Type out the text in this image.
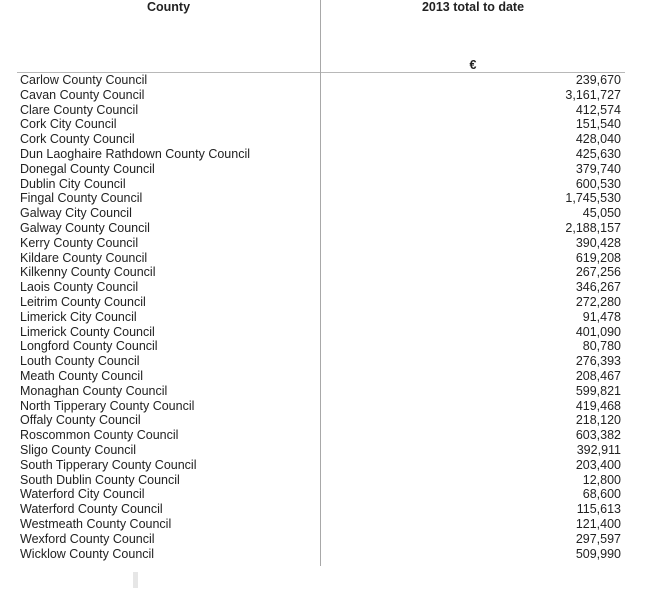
County	2013 total to date
€
Carlow County Council	239,670
Cavan County Council	3,161,727
Clare County Council	412,574
Cork City Council	151,540
Cork County Council	428,040
Dun Laoghaire Rathdown County Council	425,630
Donegal County Council	379,740
Dublin City Council	600,530
Fingal County Council	1,745,530
Galway City Council	45,050
Galway County Council	2,188,157
Kerry County Council	390,428
Kildare County Council	619,208
Kilkenny County Council	267,256
Laois County Council	346,267
Leitrim County Council	272,280
Limerick City Council	91,478
Limerick County Council	401,090
Longford County Council	80,780
Louth County Council	276,393
Meath County Council	208,467
Monaghan County Council	599,821
North Tipperary County Council	419,468
Offaly County Council	218,120
Roscommon County Council	603,382
Sligo County Council	392,911
South Tipperary County Council	203,400
South Dublin County Council	12,800
Waterford City Council	68,600
Waterford County Council	115,613
Westmeath County Council	121,400
Wexford County Council	297,597
Wicklow County Council	509,990
